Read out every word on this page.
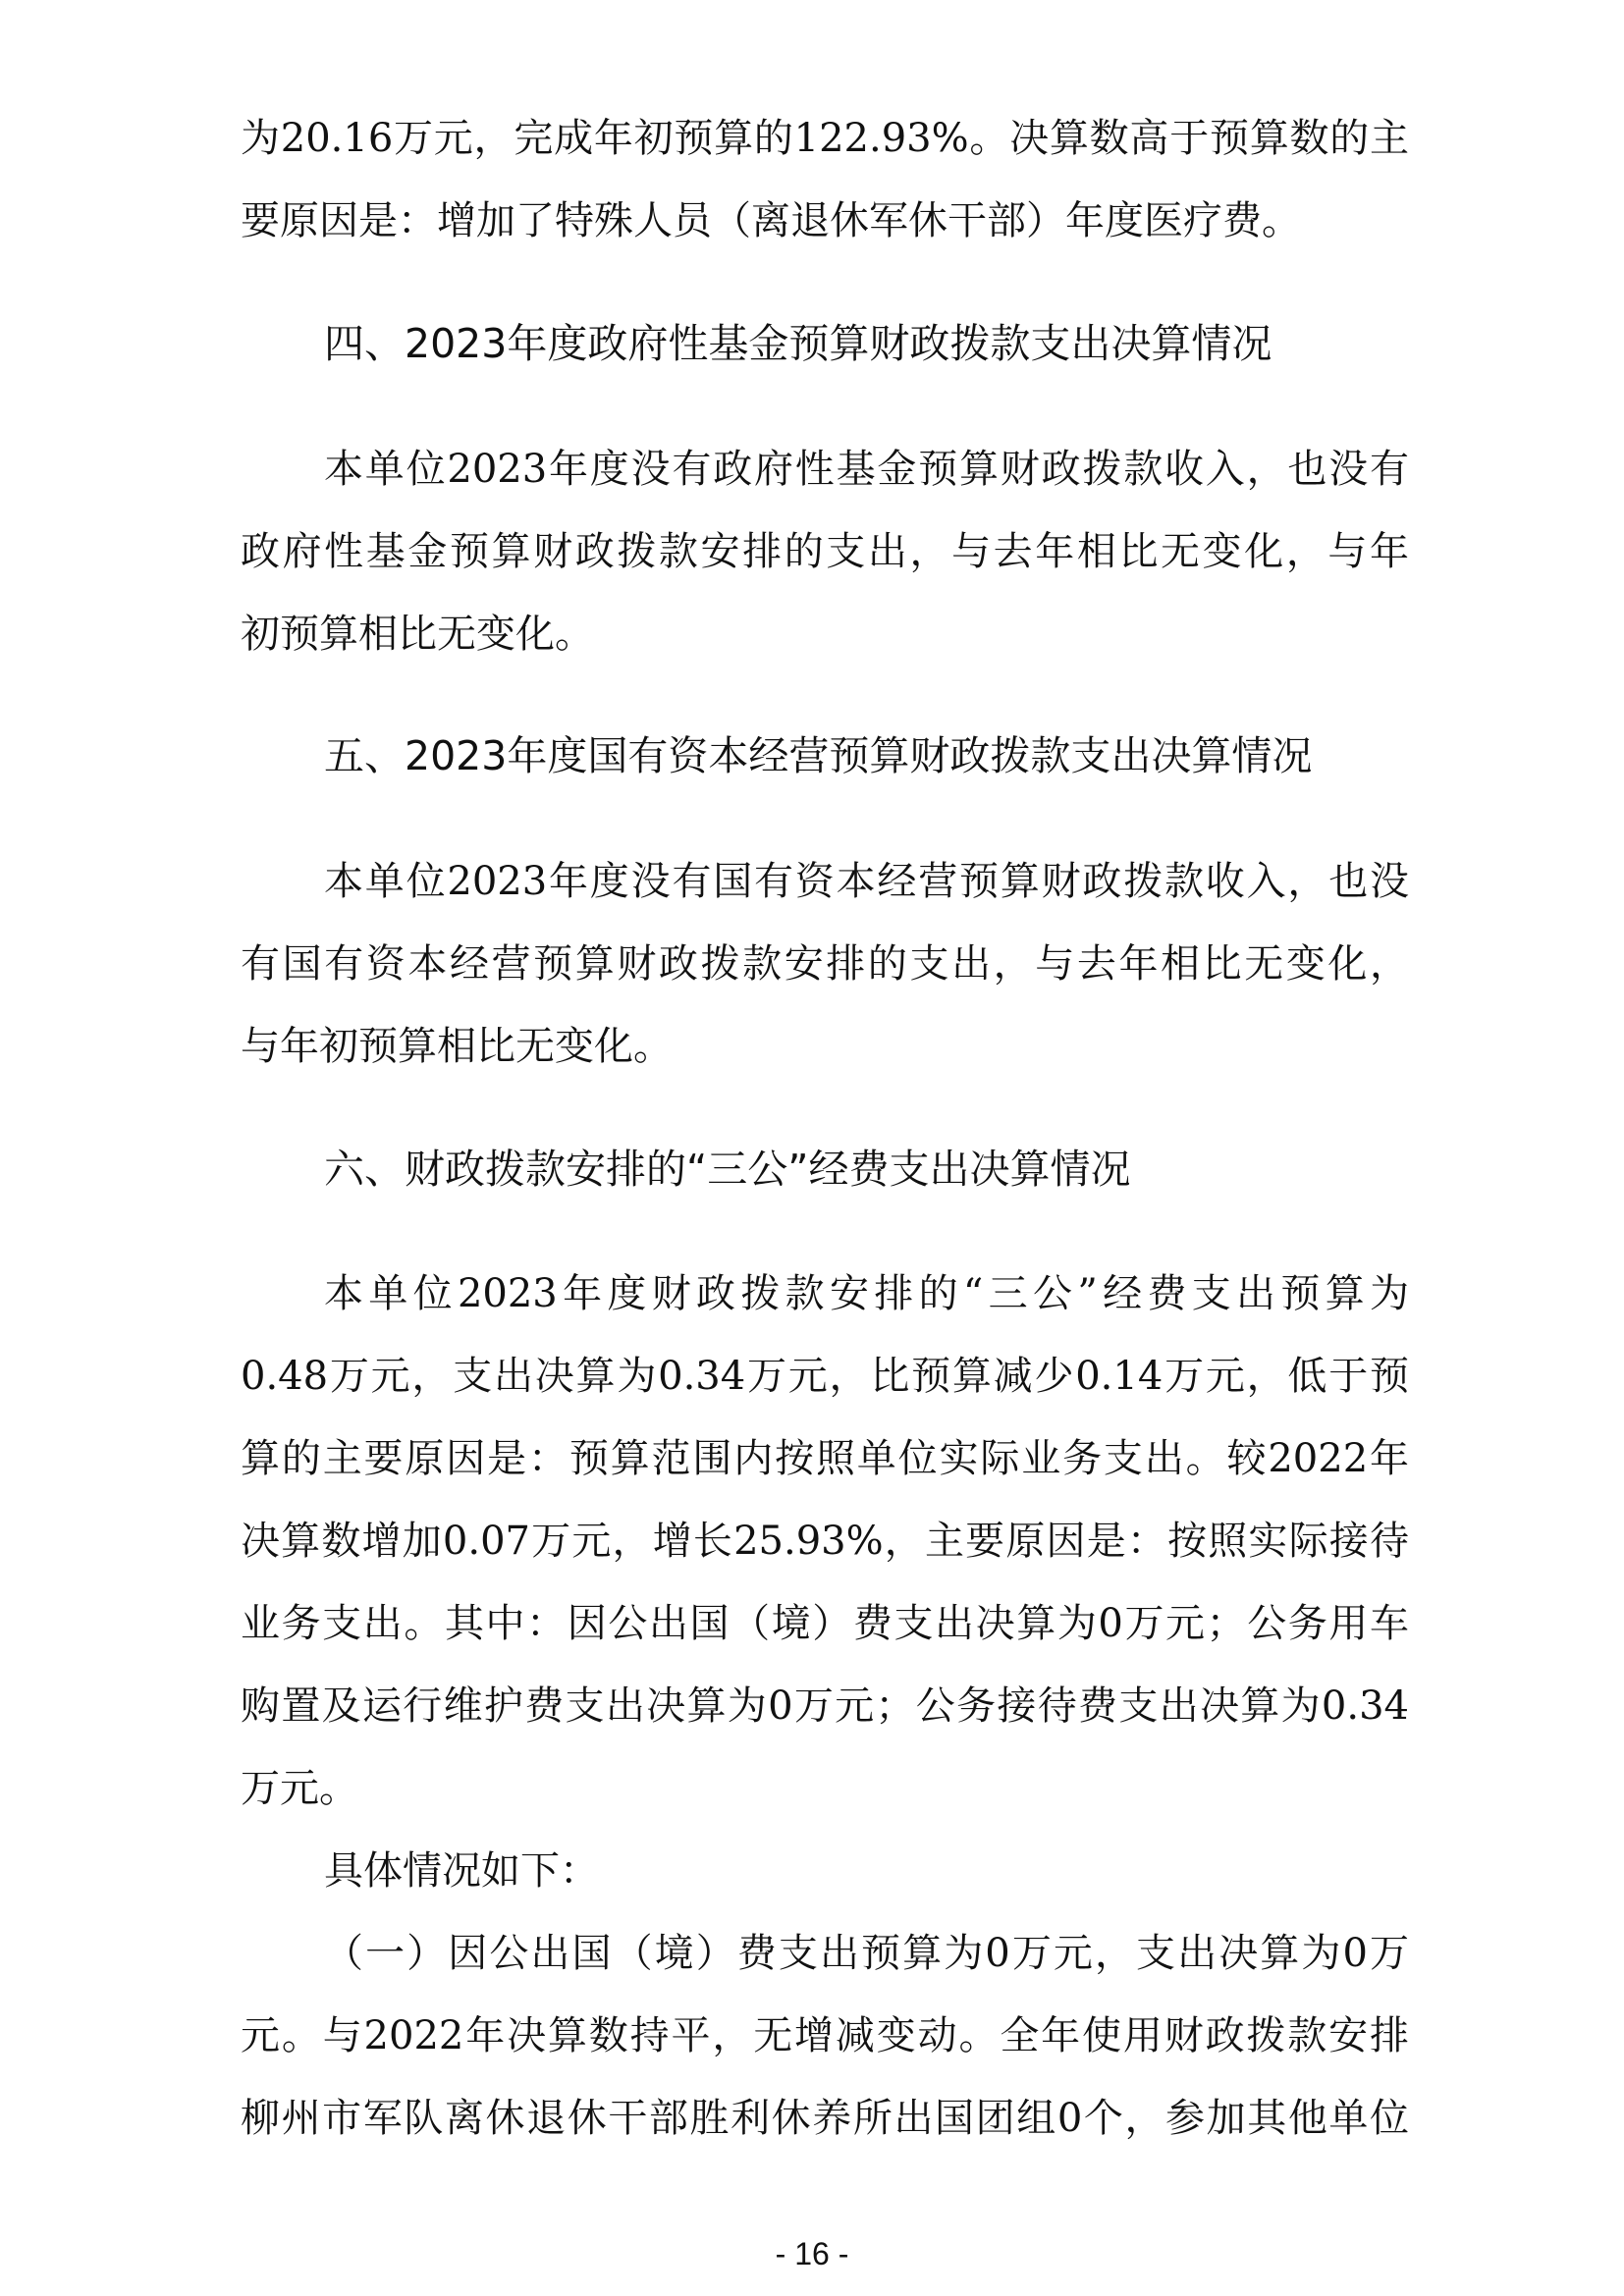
为20.16万元，完成年初预算的122.93%。决算数高于预算数的主
要原因是：增加了特殊人员（离退休军休干部）年度医疗费。
四、2023年度政府性基金预算财政拨款支出决算情况
本单位2023年度没有政府性基金预算财政拨款收入，也没有
政府性基金预算财政拨款安排的支出，与去年相比无变化，与年
初预算相比无变化。
五、2023年度国有资本经营预算财政拨款支出决算情况
本单位2023年度没有国有资本经营预算财政拨款收入，也没
有国有资本经营预算财政拨款安排的支出，与去年相比无变化，
与年初预算相比无变化。
六、财政拨款安排的“三公”经费支出决算情况
本单位2023年度财政拨款安排的“三公”经费支出预算为
0.48万元，支出决算为0.34万元，比预算减少0.14万元，低于预
算的主要原因是：预算范围内按照单位实际业务支出。较2022年
决算数增加0.07万元，增长25.93%，主要原因是：按照实际接待
业务支出。其中：因公出国（境）费支出决算为0万元；公务用车
购置及运行维护费支出决算为0万元；公务接待费支出决算为0.34
万元。
具体情况如下：
（一）因公出国（境）费支出预算为0万元，支出决算为0万
元。与2022年决算数持平，无增减变动。全年使用财政拨款安排
柳州市军队离休退休干部胜利休养所出国团组0个，参加其他单位
- 16 -
